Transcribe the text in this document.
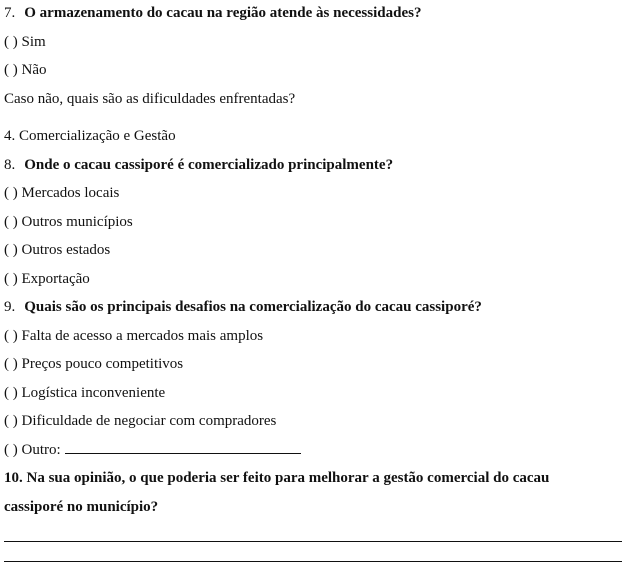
7. O armazenamento do cacau na região atende às necessidades?
( ) Sim
( ) Não
Caso não, quais são as dificuldades enfrentadas?
4. Comercialização e Gestão
8. Onde o cacau cassiporé é comercializado principalmente?
( ) Mercados locais
( ) Outros municípios
( ) Outros estados
( ) Exportação
9. Quais são os principais desafios na comercialização do cacau cassiporé?
( ) Falta de acesso a mercados mais amplos
( ) Preços pouco competitivos
( ) Logística inconveniente
( ) Dificuldade de negociar com compradores
( ) Outro:
10. Na sua opinião, o que poderia ser feito para melhorar a gestão comercial do cacau
cassiporé no município?
